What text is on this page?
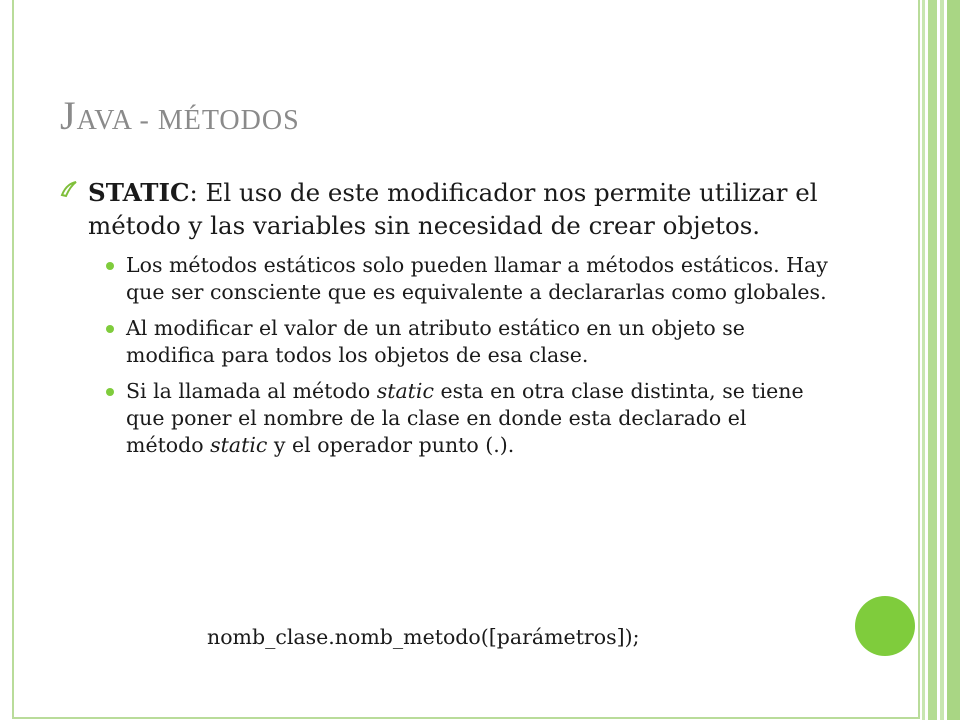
JAVA - MÉTODOS

STATIC: El uso de este modificador nos permite utilizar el método y las variables sin necesidad de crear objetos.

Los métodos estáticos solo pueden llamar a métodos estáticos. Hay que ser consciente que es equivalente a declararlas como globales.

Al modificar el valor de un atributo estático en un objeto se modifica para todos los objetos de esa clase.

Si la llamada al método static esta en otra clase distinta, se tiene que poner el nombre de la clase en donde esta declarado el método static y el operador punto (.).

nomb_clase.nomb_metodo([parámetros]);
